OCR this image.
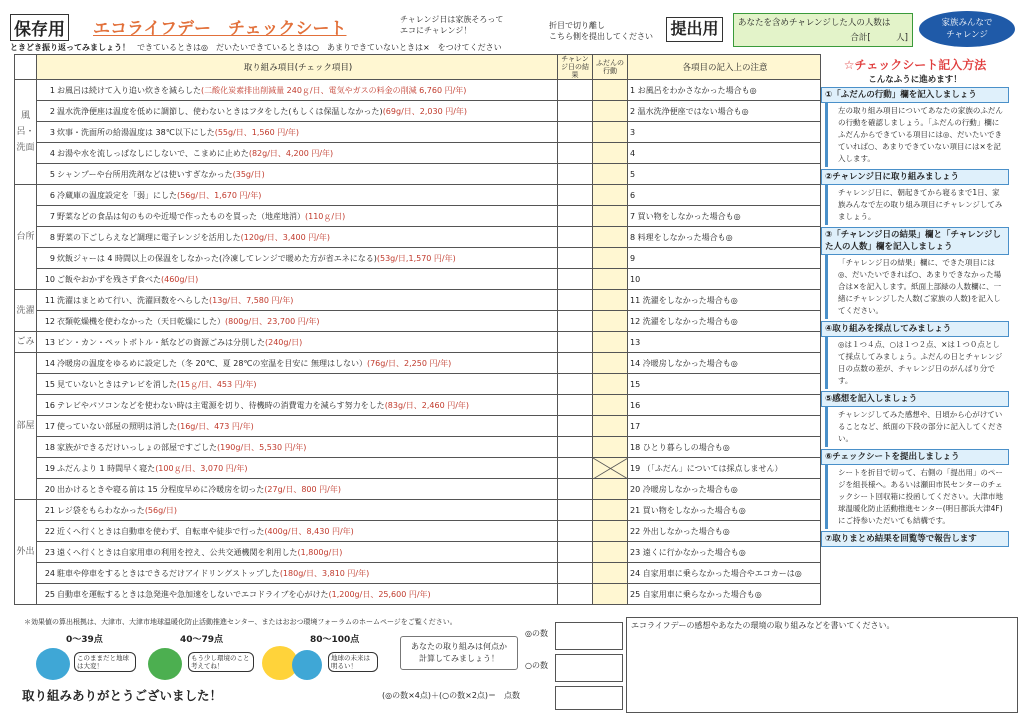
保存用 エコライフデー　チェックシート
ときどき振り返ってみましょう！ できているときは◎　だいたいできているときは○　あまりできていないときは×　をつけてください
チャレンジ日は家族そろって
エコにチャレンジ！
折目で切り離し
こちら側を提出してください 提出用	あなたを含めチャレンジした人の人数は
合計[　　　人]
家族みんなで
チャレンジ
	取り組み項目(チェック項目)	チャレンジ日の結果	ふだんの行動	各項目の記入上の注意
風呂・洗面	1 お風呂は続けて入り追い炊きを減らした(二酸化炭素排出削減量 240ｇ/日、電気やガスの料金の削減 6,760 円/年)			1 お風呂をわかさなかった場合も◎
	2 温水洗浄便座は温度を低めに調節し、使わないときはフタをした(もしくは保温しなかった)(69g/日、2,030 円/年)			2 温水洗浄便座ではない場合も◎
	3 炊事・洗面所の給湯温度は 38℃以下にした(55g/日、1,560 円/年)			3
	4 お湯や水を流しっぱなしにしないで、こまめに止めた(82g/日、4,200 円/年)			4
	5 シャンプーや台所用洗剤などは使いすぎなかった(35g/日)			5
台所	6 冷蔵庫の温度設定を「弱」にした(56g/日、1,670 円/年)			6
	7 野菜などの食品は旬のものや近場で作ったものを買った（地産地消）(110ｇ/日)			7 買い物をしなかった場合も◎
	8 野菜の下ごしらえなど調理に電子レンジを活用した(120g/日、3,400 円/年)			8 料理をしなかった場合も◎
	9 炊飯ジャーは 4 時間以上の保温をしなかった(冷凍してレンジで暖めた方が省エネになる)(53g/日,1,570 円/年)			9
	10 ご飯やおかずを残さず食べた(460g/日)			10
洗濯	11 洗濯はまとめて行い、洗濯回数をへらした(13g/日、7,580 円/年)			11 洗濯をしなかった場合も◎
	12 衣類乾燥機を使わなかった（天日乾燥にした）(800g/日、23,700 円/年)			12 洗濯をしなかった場合も◎
ごみ	13 ビン・カン・ペットボトル・紙などの資源ごみは分別した(240g/日)			13
部屋	14 冷暖房の温度をゆるめに設定した（冬 20℃、夏 28℃の室温を目安に 無理はしない）(76g/日、2,250 円/年)			14 冷暖房しなかった場合も◎
	15 見ていないときはテレビを消した(15ｇ/日、453 円/年)			15
	16 テレビやパソコンなどを使わない時は主電源を切り、待機時の消費電力を減らす努力をした(83g/日、2,460 円/年)			16
	17 使っていない部屋の照明は消した(16g/日、473 円/年)			17
	18 家族ができるだけいっしょの部屋ですごした(190g/日、5,530 円/年)			18 ひとり暮らしの場合も◎
	19 ふだんより 1 時間早く寝た(100ｇ/日、3,070 円/年)			19 （「ふだん」については採点しません）
	20 出かけるときや寝る前は 15 分程度早めに冷暖房を切った(27g/日、800 円/年)			20 冷暖房しなかった場合も◎
外出	21 レジ袋をもらわなかった(56g/日)			21 買い物をしなかった場合も◎
	22 近くへ行くときは自動車を使わず、自転車や徒歩で行った(400g/日、8,430 円/年)			22 外出しなかった場合も◎
	23 遠くへ行くときは自家用車の利用を控え、公共交通機関を利用した(1,800g/日)			23 遠くに行かなかった場合も◎
	24 駐車や停車をするときはできるだけアイドリングストップした(180g/日、3,810 円/年)			24 自家用車に乗らなかった場合やエコカーは◎
	25 自動車を運転するときは急発進や急加速をしないでエコドライブを心がけた(1,200g/日、25,600 円/年)			25 自家用車に乗らなかった場合も◎
☆チェックシート記入方法
こんなふうに進めます！
①「ふだんの行動」欄を記入しましょう
左の取り組み項目についてあなたの家族のふだんの行動を確認しましょう。「ふだんの行動」欄にふだんからできている項目には◎、だいたいできていれば○、あまりできていない項目には×を記入します。
②チャレンジ日に取り組みましょう
チャレンジ日に、朝起きてから寝るまで1日、家族みんなで左の取り組み項目にチャレンジしてみましょう。
③「チャレンジ日の結果」欄と「チャレンジした人の人数」欄を記入しましょう
「チャレンジ日の結果」欄に、できた項目には◎、だいたいできれば○、あまりできなかった場合は×を記入します。紙面上部緑の人数欄に、一緒にチャレンジした人数(ご家族の人数)を記入してください。
④取り組みを採点してみましょう
◎は１つ４点、○は１つ２点、×は１つ０点として採点してみましょう。ふだんの日とチャレンジ日の点数の差が、チャレンジ日のがんばり分です。
⑤感想を記入しましょう
チャレンジしてみた感想や、日頃から心がけていることなど、紙面の下段の部分に記入してください。
⑥チェックシートを提出しましょう
シートを折目で切って、右側の「提出用」のページを組長様へ。あるいは瀬田市民センターのチェックシート回収箱に投函してください。大津市地球温暖化防止活動推進センター(明日都浜大津4F)にご持参いただいても結構です。
⑦取りまとめ結果を回覧等で報告します
＊効果値の算出根拠は、大津市、大津市地球温暖化防止活動推進センター、またはおおつ環境フォーラムのホームページをご覧ください。
0〜39点	40〜79点	80〜100点
このままだと地球は大変！
もう少し環境のこと考えてね！
地球の未来は明るい！
取り組みありがとうございました！
あなたの取り組みは何点か
計算してみましょう！
◎の数
○の数
(◎の数×4点)＋(○の数×2点)＝　点数
エコライフデーの感想やあなたの環境の取り組みなどを書いてください。
